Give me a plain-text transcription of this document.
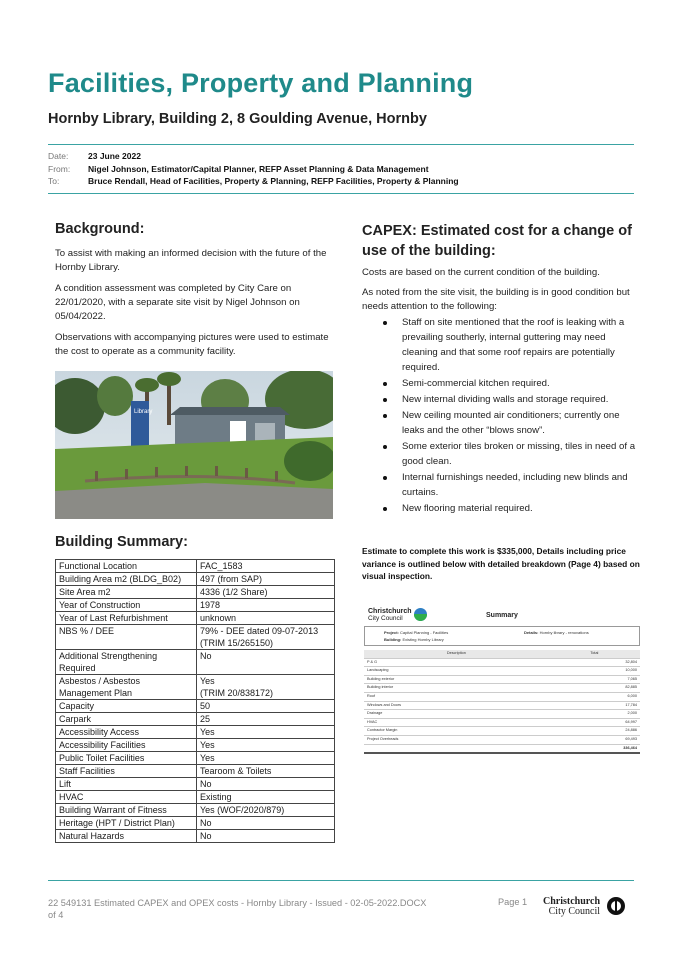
Facilities, Property and Planning
Hornby Library, Building 2, 8 Goulding Avenue, Hornby
Date:	23 June 2022
From:	Nigel Johnson, Estimator/Capital Planner, REFP Asset Planning & Data Management
To:	Bruce Rendall, Head of Facilities, Property & Planning, REFP Facilities, Property & Planning
Background:

To assist with making an informed decision with the future of the Hornby Library.

A condition assessment was completed by City Care on 22/01/2020, with a separate site visit by Nigel Johnson on 05/04/2022.

Observations with accompanying pictures were used to estimate the cost to operate as a community facility.

Library
Building Summary:
Functional Location	FAC_1583
Building Area m2 (BLDG_B02)	497 (from SAP)
Site Area m2	4336 (1/2 Share)
Year of Construction	1978
Year of Last Refurbishment	unknown
NBS % / DEE	79% - DEE dated 09-07-2013
(TRIM 15/265150)
Additional Strengthening
Required	No
Asbestos / Asbestos
Management Plan	Yes
(TRIM 20/838172)
Capacity	50
Carpark	25
Accessibility Access	Yes
Accessibility Facilities	Yes
Public Toilet Facilities	Yes
Staff Facilities	Tearoom & Toilets
Lift	No
HVAC	Existing
Building Warrant of Fitness	Yes (WOF/2020/879)
Heritage (HPT / District Plan)	No
Natural Hazards	No
CAPEX: Estimated cost for a change of use of the building:

Costs are based on the current condition of the building.

As noted from the site visit, the building is in good condition but needs attention to the following:

Staff on site mentioned that the roof is leaking with a prevailing southerly, internal guttering may need cleaning and that some roof repairs are potentially required.
Semi-commercial kitchen required.
New internal dividing walls and storage required.
New ceiling mounted air conditioners; currently one leaks and the other “blows snow”.
Some exterior tiles broken or missing, tiles in need of a good clean.
Internal furnishings needed, including new blinds and curtains.
New flooring material required.
Estimate to complete this work is $335,000, Details including price variance is outlined below with detailed breakdown (Page 4) based on visual inspection.
Christchurch
City Council	Summary
Project: Capital Planning - Facilities
Building: Existing Hornby Library
Details: Hornby library - renovations
Description	Total
P & G	32,804
Landscaping	10,000
Building exterior	7,065
Building interior	82,885
Roof	6,000
Windows and Doors	17,784
Drainage	2,000
HVAC	64,997
Contractor Margin	24,886
Project Overheads	69,493
	336,464
22 549131 Estimated CAPEX and OPEX costs - Hornby Library - Issued - 02-05-2022.DOCX
of 4
Page 1 Christchurch
City Council
